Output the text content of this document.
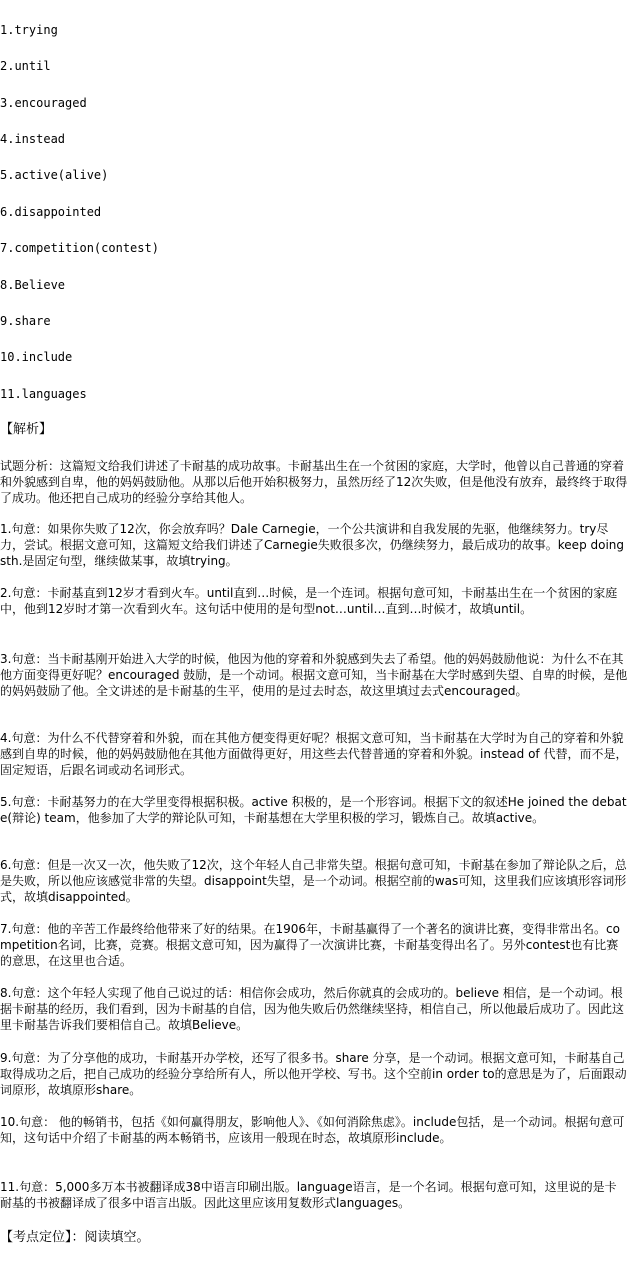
1.trying
2.until
3.encouraged
4.instead
5.active(alive)
6.disappointed
7.competition(contest)
8.Believe
9.share
10.include
11.languages
【解析】
试题分析：这篇短文给我们讲述了卡耐基的成功故事。卡耐基出生在一个贫困的家庭，大学时，他曾以自己普通的穿着和外貌感到自卑，他的妈妈鼓励他。从那以后他开始积极努力，虽然历经了12次失败，但是他没有放弃，最终终于取得了成功。他还把自己成功的经验分享给其他人。
1.句意：如果你失败了12次，你会放弃吗？Dale Carnegie，一个公共演讲和自我发展的先驱，他继续努力。try尽力，尝试。根据文意可知，这篇短文给我们讲述了Carnegie失败很多次，仍继续努力，最后成功的故事。keep doing sth.是固定句型，继续做某事，故填trying。
2.句意：卡耐基直到12岁才看到火车。until直到…时候，是一个连词。根据句意可知，卡耐基出生在一个贫困的家庭中，他到12岁时才第一次看到火车。这句话中使用的是句型not…until…直到…时候才，故填until。
3.句意：当卡耐基刚开始进入大学的时候，他因为他的穿着和外貌感到失去了希望。他的妈妈鼓励他说：为什么不在其他方面变得更好呢？encouraged 鼓励，是一个动词。根据文意可知，当卡耐基在大学时感到失望、自卑的时候，是他的妈妈鼓励了他。全文讲述的是卡耐基的生平，使用的是过去时态，故这里填过去式encouraged。
4.句意：为什么不代替穿着和外貌，而在其他方便变得更好呢？根据文意可知，当卡耐基在大学时为自己的穿着和外貌感到自卑的时候，他的妈妈鼓励他在其他方面做得更好，用这些去代替普通的穿着和外貌。instead of 代替，而不是，固定短语，后跟名词或动名词形式。
5.句意：卡耐基努力的在大学里变得根据积极。active 积极的，是一个形容词。根据下文的叙述He joined the debate(辩论) team，他参加了大学的辩论队可知，卡耐基想在大学里积极的学习，锻炼自己。故填active。
6.句意：但是一次又一次，他失败了12次，这个年轻人自己非常失望。根据句意可知，卡耐基在参加了辩论队之后，总是失败，所以他应该感觉非常的失望。disappoint失望，是一个动词。根据空前的was可知，这里我们应该填形容词形式，故填disappointed。
7.句意：他的辛苦工作最终给他带来了好的结果。在1906年，卡耐基赢得了一个著名的演讲比赛，变得非常出名。competition名词，比赛，竞赛。根据文意可知，因为赢得了一次演讲比赛，卡耐基变得出名了。另外contest也有比赛的意思，在这里也合适。
8.句意：这个年轻人实现了他自己说过的话：相信你会成功，然后你就真的会成功的。believe 相信，是一个动词。根据卡耐基的经历，我们看到，因为卡耐基的自信，因为他失败后仍然继续坚持，相信自己，所以他最后成功了。因此这里卡耐基告诉我们要相信自己。故填Believe。
9.句意：为了分享他的成功，卡耐基开办学校，还写了很多书。share 分享，是一个动词。根据文意可知，卡耐基自己取得成功之后，把自己成功的经验分享给所有人，所以他开学校、写书。这个空前in order to的意思是为了，后面跟动词原形，故填原形share。
10.句意： 他的畅销书，包括《如何赢得朋友，影响他人》、《如何消除焦虑》。include包括，是一个动词。根据句意可知，这句话中介绍了卡耐基的两本畅销书，应该用一般现在时态，故填原形include。
11.句意：5,000多万本书被翻译成38中语言印刷出版。language语言，是一个名词。根据句意可知，这里说的是卡耐基的书被翻译成了很多中语言出版。因此这里应该用复数形式languages。
【考点定位】：阅读填空。
